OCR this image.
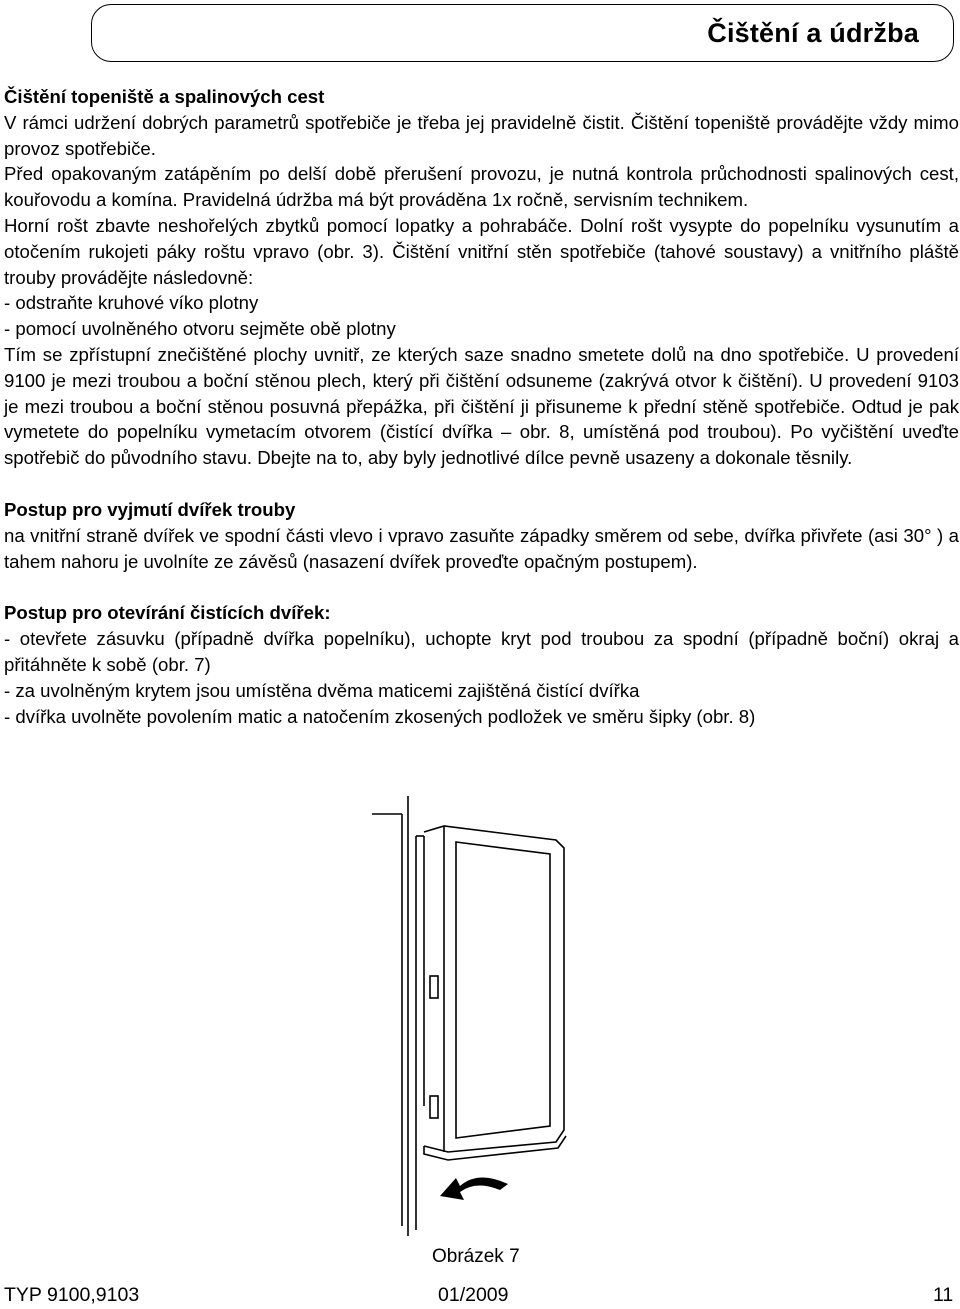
Čištění a údržba

Čištění topeniště a spalinových cest

V rámci udržení dobrých parametrů spotřebiče je třeba jej pravidelně čistit. Čištění topeniště provádějte vždy mimo provoz spotřebiče.

Před opakovaným zatápěním po delší době přerušení provozu, je nutná kontrola průchodnosti spalinových cest, kouřovodu a komína. Pravidelná údržba má být prováděna 1x ročně, servisním technikem.

Horní rošt zbavte neshořelých zbytků pomocí lopatky a pohrabáče. Dolní rošt vysypte do popelníku vysunutím a otočením rukojeti páky roštu vpravo (obr. 3). Čištění vnitřní stěn spotřebiče (tahové soustavy) a vnitřního pláště trouby provádějte následovně:

- odstraňte kruhové víko plotny

- pomocí uvolněného otvoru sejměte obě plotny

Tím se zpřístupní znečištěné plochy uvnitř, ze kterých saze snadno smetete dolů na dno spotřebiče. U provedení 9100 je mezi troubou a boční stěnou plech, který při čištění odsuneme (zakrývá otvor k čištění). U provedení 9103 je mezi troubou a boční stěnou posuvná přepážka, při čištění ji přisuneme k přední stěně spotřebiče. Odtud je pak vymetete do popelníku vymetacím otvorem (čistící dvířka – obr. 8, umístěná pod troubou). Po vyčištění uveďte spotřebič do původního stavu. Dbejte na to, aby byly jednotlivé dílce pevně usazeny a dokonale těsnily.

Postup pro vyjmutí dvířek trouby

na vnitřní straně dvířek ve spodní části vlevo i vpravo zasuňte západky směrem od sebe, dvířka přivřete (asi 30° ) a tahem nahoru je uvolníte ze závěsů (nasazení dvířek proveďte opačným postupem).

Postup pro otevírání čistících dvířek:

- otevřete zásuvku (případně dvířka popelníku), uchopte kryt pod troubou za spodní (případně boční) okraj a přitáhněte k sobě (obr. 7)

- za uvolněným krytem jsou umístěna dvěma maticemi zajištěná čistící dvířka

- dvířka uvolněte povolením matic a natočením zkosených podložek ve směru šipky (obr. 8)

Obrázek 7
TYP 9100,9103	01/2009	11
